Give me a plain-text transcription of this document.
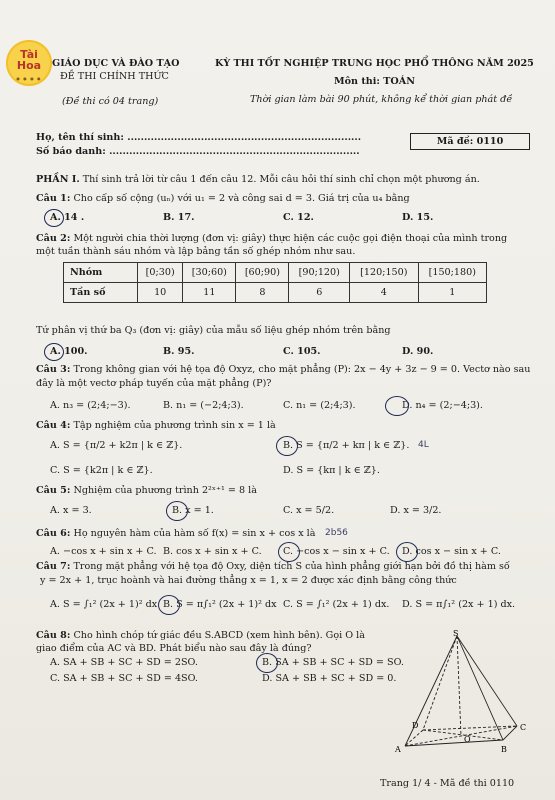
Tài
Hoa
● ● ● ●
GIÁO DỤC VÀ ĐÀO TẠO
ĐỀ THI CHÍNH THỨC
(Đề thi có 04 trang)
KỲ THI TỐT NGHIỆP TRUNG HỌC PHỔ THÔNG NĂM 2025
Môn thi: TOÁN
Thời gian làm bài 90 phút, không kể thời gian phát đề
Họ, tên thí sinh: ......................................................................
Số báo danh: ...........................................................................
Mã đề: 0110
PHẦN I. Thí sinh trả lời từ câu 1 đến câu 12. Mỗi câu hỏi thí sinh chỉ chọn một phương án.
Câu 1: Cho cấp số cộng (uₙ) với u₁ = 2 và công sai d = 3. Giá trị của u₄ bằng
A. 14 .	B. 17.	C. 12.	D. 15.
Câu 2: Một người chia thời lượng (đơn vị: giây) thực hiện các cuộc gọi điện thoại của mình trong
một tuần thành sáu nhóm và lập bảng tần số ghép nhóm như sau.
Nhóm	[0;30)	[30;60)	[60;90)	[90;120)	[120;150)	[150;180)
Tần số	10	11	8	6	4	1
Tứ phân vị thứ ba Q₃ (đơn vị: giây) của mẫu số liệu ghép nhóm trên bằng
A. 100.	B. 95.	C. 105.	D. 90.
Câu 3: Trong không gian với hệ tọa độ Oxyz, cho mặt phẳng (P): 2x − 4y + 3z − 9 = 0. Vectơ nào sau
đây là một vectơ pháp tuyến của mặt phẳng (P)?
A. n₃ = (2;4;−3).	B. n₁ = (−2;4;3).	C. n₁ = (2;4;3).	D. n₄ = (2;−4;3).
Câu 4: Tập nghiệm của phương trình sin x = 1 là
A. S = {π/2 + k2π | k ∈ ℤ}.	B. S = {π/2 + kπ | k ∈ ℤ}. 4L
C. S = {k2π | k ∈ ℤ}.	D. S = {kπ | k ∈ ℤ}.
Câu 5: Nghiệm của phương trình 2²ˣ⁺¹ = 8 là
A. x = 3.	B. x = 1.	C. x = 5/2.	D. x = 3/2.
Câu 6: Họ nguyên hàm của hàm số f(x) = sin x + cos x là 2b56
A. −cos x + sin x + C. B. cos x + sin x + C. C. −cos x − sin x + C. D. cos x − sin x + C.
Câu 7: Trong mặt phẳng với hệ tọa độ Oxy, diện tích S của hình phẳng giới hạn bởi đồ thị hàm số
y = 2x + 1, trục hoành và hai đường thẳng x = 1, x = 2 được xác định bằng công thức
A. S = ∫₁² (2x + 1)² dx B. S = π∫₁² (2x + 1)² dx C. S = ∫₁² (2x + 1) dx. D. S = π∫₁² (2x + 1) dx.
Câu 8: Cho hình chóp tứ giác đều S.ABCD (xem hình bên). Gọi O là
giao điểm của AC và BD. Phát biểu nào sau đây là đúng?
A. SA + SB + SC + SD = 2SO.	B. SA + SB + SC + SD = SO.
C. SA + SB + SC + SD = 4SO.	D. SA + SB + SC + SD = 0.
S
A	B
C
D
O
Trang 1/ 4 - Mã đề thi 0110
